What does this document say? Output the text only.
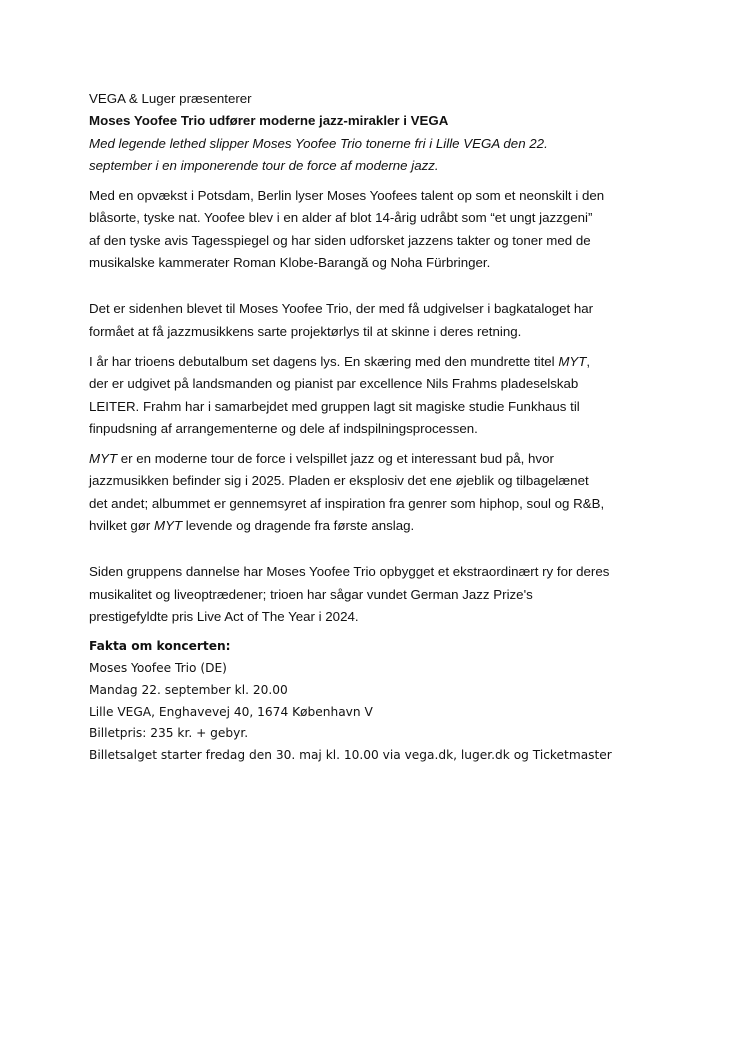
VEGA & Luger præsenterer

Moses Yoofee Trio udfører moderne jazz-mirakler i VEGA

Med legende lethed slipper Moses Yoofee Trio tonerne fri i Lille VEGA den 22.

september i en imponerende tour de force af moderne jazz.

Med en opvækst i Potsdam, Berlin lyser Moses Yoofees talent op som et neonskilt i den

blåsorte, tyske nat. Yoofee blev i en alder af blot 14-årig udråbt som “et ungt jazzgeni”

af den tyske avis Tagesspiegel og har siden udforsket jazzens takter og toner med de

musikalske kammerater Roman Klobe-Barangă og Noha Fürbringer.

Det er sidenhen blevet til Moses Yoofee Trio, der med få udgivelser i bagkataloget har

formået at få jazzmusikkens sarte projektørlys til at skinne i deres retning.

I år har trioens debutalbum set dagens lys. En skæring med den mundrette titel MYT,

der er udgivet på landsmanden og pianist par excellence Nils Frahms pladeselskab

LEITER. Frahm har i samarbejdet med gruppen lagt sit magiske studie Funkhaus til

finpudsning af arrangementerne og dele af indspilningsprocessen.

MYT er en moderne tour de force i velspillet jazz og et interessant bud på, hvor

jazzmusikken befinder sig i 2025. Pladen er eksplosiv det ene øjeblik og tilbagelænet

det andet; albummet er gennemsyret af inspiration fra genrer som hiphop, soul og R&B,

hvilket gør MYT levende og dragende fra første anslag.

Siden gruppens dannelse har Moses Yoofee Trio opbygget et ekstraordinært ry for deres

musikalitet og liveoptrædener; trioen har sågar vundet German Jazz Prize's

prestigefyldte pris Live Act of The Year i 2024.

Fakta om koncerten:

Moses Yoofee Trio (DE)

Mandag 22. september kl. 20.00

Lille VEGA, Enghavevej 40, 1674 København V

Billetpris: 235 kr. + gebyr.

Billetsalget starter fredag den 30. maj kl. 10.00 via vega.dk, luger.dk og Ticketmaster
